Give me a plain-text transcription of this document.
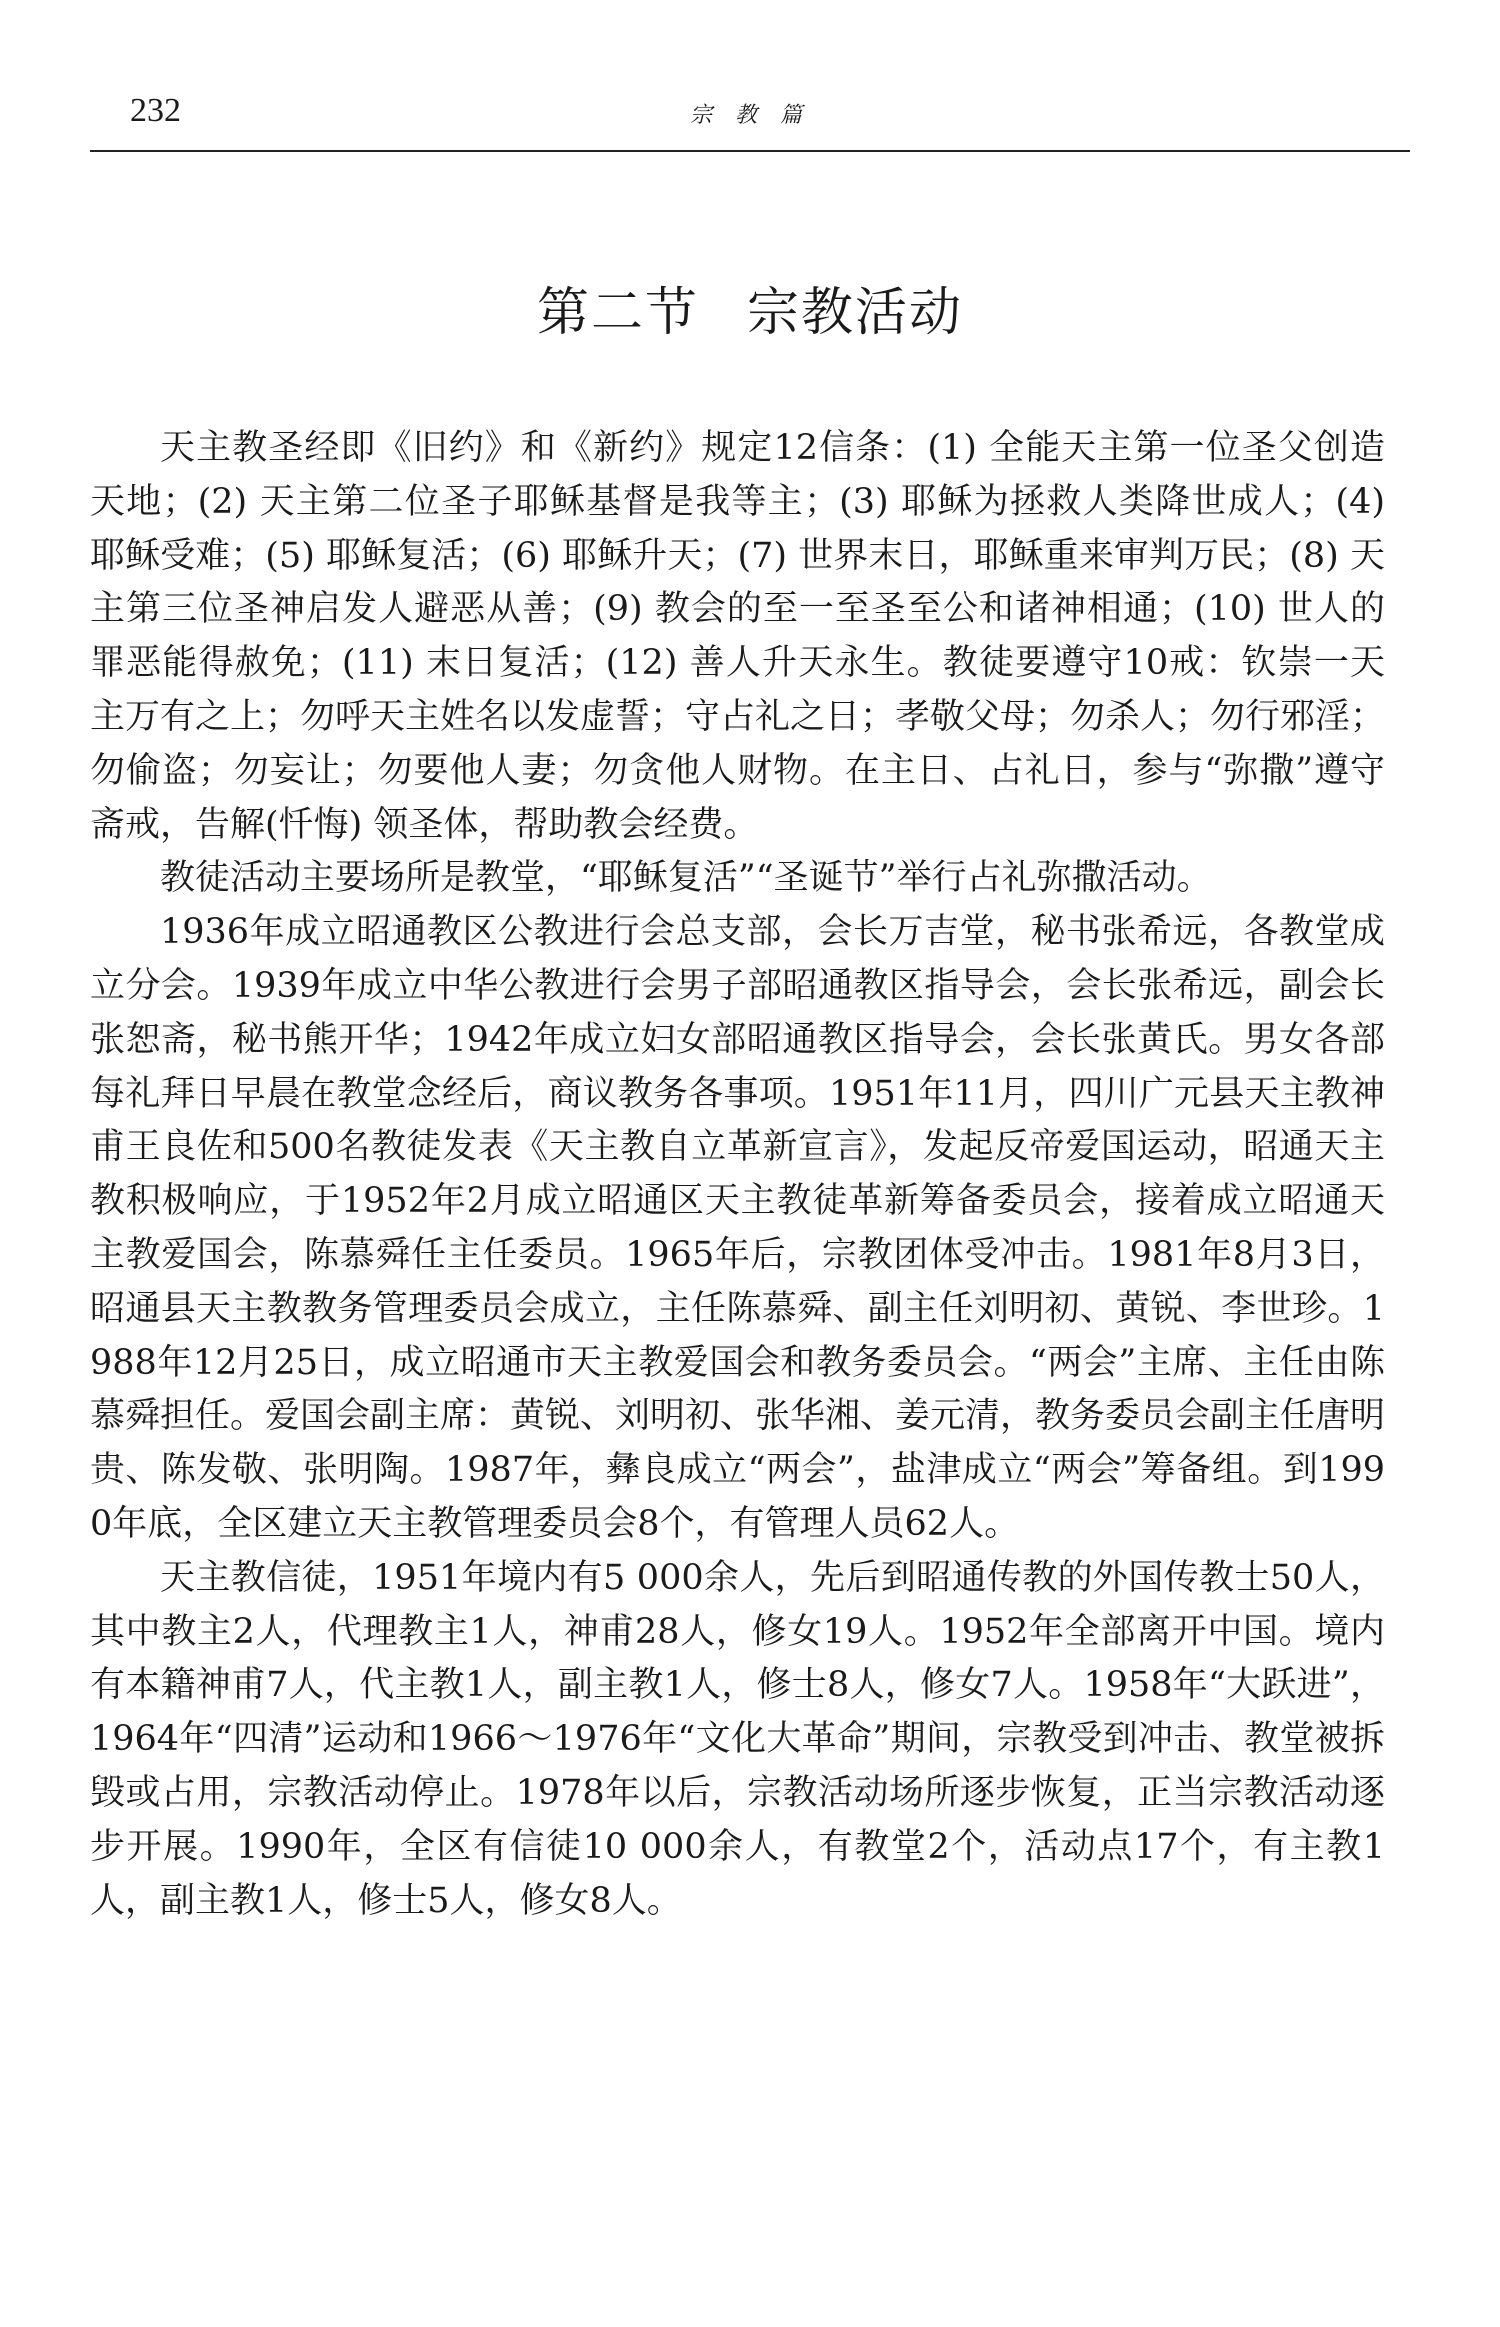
232	宗 教 篇
第二节 宗教活动

天主教圣经即《旧约》和《新约》规定12信条：(1) 全能天主第一位圣父创造天地；(2) 天主第二位圣子耶稣基督是我等主；(3) 耶稣为拯救人类降世成人；(4) 耶稣受难；(5) 耶稣复活；(6) 耶稣升天；(7) 世界末日，耶稣重来审判万民；(8) 天主第三位圣神启发人避恶从善；(9) 教会的至一至圣至公和诸神相通；(10) 世人的罪恶能得赦免；(11) 末日复活；(12) 善人升天永生。教徒要遵守10戒：钦崇一天主万有之上；勿呼天主姓名以发虚誓；守占礼之日；孝敬父母；勿杀人；勿行邪淫；勿偷盗；勿妄让；勿要他人妻；勿贪他人财物。在主日、占礼日，参与“弥撒”遵守斋戒，告解(忏悔) 领圣体，帮助教会经费。

教徒活动主要场所是教堂，“耶稣复活”“圣诞节”举行占礼弥撒活动。

1936年成立昭通教区公教进行会总支部，会长万吉堂，秘书张希远，各教堂成立分会。1939年成立中华公教进行会男子部昭通教区指导会，会长张希远，副会长张恕斋，秘书熊开华；1942年成立妇女部昭通教区指导会，会长张黄氏。男女各部每礼拜日早晨在教堂念经后，商议教务各事项。1951年11月，四川广元县天主教神甫王良佐和500名教徒发表《天主教自立革新宣言》，发起反帝爱国运动，昭通天主教积极响应，于1952年2月成立昭通区天主教徒革新筹备委员会，接着成立昭通天主教爱国会，陈慕舜任主任委员。1965年后，宗教团体受冲击。1981年8月3日，昭通县天主教教务管理委员会成立，主任陈慕舜、副主任刘明初、黄锐、李世珍。1988年12月25日，成立昭通市天主教爱国会和教务委员会。“两会”主席、主任由陈慕舜担任。爱国会副主席：黄锐、刘明初、张华湘、姜元清，教务委员会副主任唐明贵、陈发敬、张明陶。1987年，彝良成立“两会”，盐津成立“两会”筹备组。到1990年底，全区建立天主教管理委员会8个，有管理人员62人。

天主教信徒，1951年境内有5 000余人，先后到昭通传教的外国传教士50人，其中教主2人，代理教主1人，神甫28人，修女19人。1952年全部离开中国。境内有本籍神甫7人，代主教1人，副主教1人，修士8人，修女7人。1958年“大跃进”，1964年“四清”运动和1966～1976年“文化大革命”期间，宗教受到冲击、教堂被拆毁或占用，宗教活动停止。1978年以后，宗教活动场所逐步恢复，正当宗教活动逐步开展。1990年，全区有信徒10 000余人，有教堂2个，活动点17个，有主教1人，副主教1人，修士5人，修女8人。
